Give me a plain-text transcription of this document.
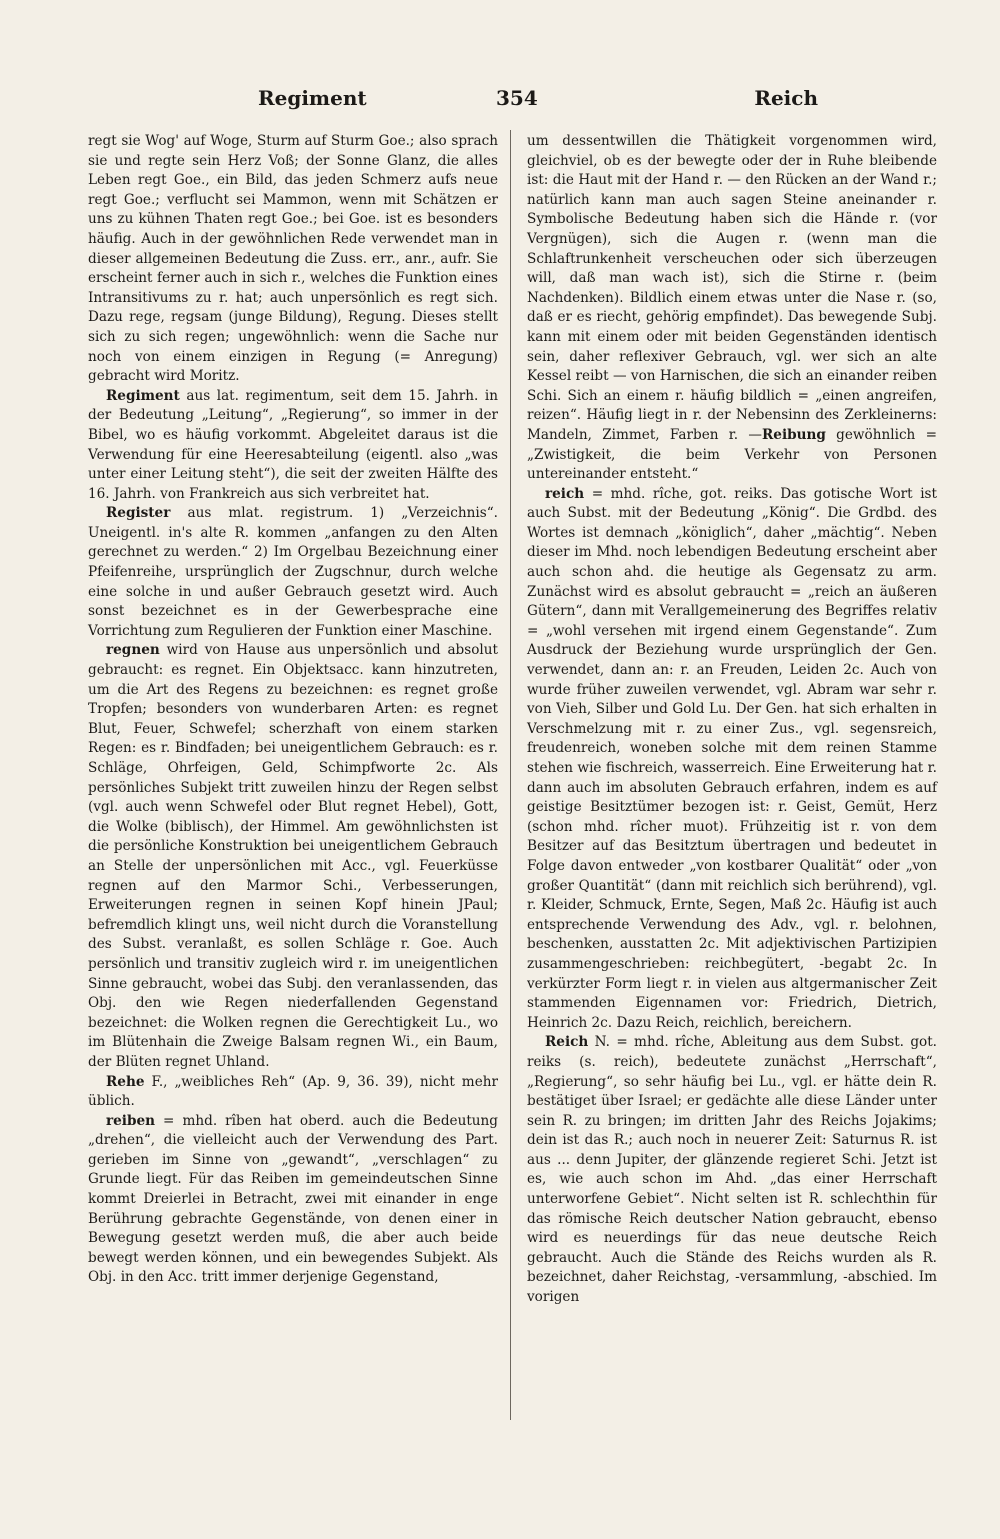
Regiment	354	Reich

regt sie Wog' auf Woge, Sturm auf Sturm Goe.; also sprach sie und regte sein Herz Voß; der Sonne Glanz, die alles Leben regt Goe., ein Bild, das jeden Schmerz aufs neue regt Goe.; verflucht sei Mammon, wenn mit Schätzen er uns zu kühnen Thaten regt Goe.; bei Goe. ist es besonders häufig. Auch in der gewöhnlichen Rede verwendet man in dieser allgemeinen Bedeutung die Zuss. err., anr., aufr. Sie erscheint ferner auch in sich r., welches die Funktion eines Intransitivums zu r. hat; auch unpersönlich es regt sich. Dazu rege, regsam (junge Bildung), Regung. Dieses stellt sich zu sich regen; ungewöhnlich: wenn die Sache nur noch von einem einzigen in Regung (= Anregung) gebracht wird Moritz.

Regiment aus lat. regimentum, seit dem 15. Jahrh. in der Bedeutung „Leitung“, „Regierung“, so immer in der Bibel, wo es häufig vorkommt. Abgeleitet daraus ist die Verwendung für eine Heeresabteilung (eigentl. also „was unter einer Leitung steht“), die seit der zweiten Hälfte des 16. Jahrh. von Frankreich aus sich verbreitet hat.

Register aus mlat. registrum. 1) „Verzeichnis“. Uneigentl. in's alte R. kommen „anfangen zu den Alten gerechnet zu werden.“ 2) Im Orgelbau Bezeichnung einer Pfeifenreihe, ursprünglich der Zugschnur, durch welche eine solche in und außer Gebrauch gesetzt wird. Auch sonst bezeichnet es in der Gewerbesprache eine Vorrichtung zum Regulieren der Funktion einer Maschine.

regnen wird von Hause aus unpersönlich und absolut gebraucht: es regnet. Ein Objektsacc. kann hinzutreten, um die Art des Regens zu bezeichnen: es regnet große Tropfen; besonders von wunderbaren Arten: es regnet Blut, Feuer, Schwefel; scherzhaft von einem starken Regen: es r. Bindfaden; bei uneigentlichem Gebrauch: es r. Schläge, Ohrfeigen, Geld, Schimpfworte 2c. Als persönliches Subjekt tritt zuweilen hinzu der Regen selbst (vgl. auch wenn Schwefel oder Blut regnet Hebel), Gott, die Wolke (biblisch), der Himmel. Am gewöhnlichsten ist die persönliche Konstruktion bei uneigentlichem Gebrauch an Stelle der unpersönlichen mit Acc., vgl. Feuerküsse regnen auf den Marmor Schi., Verbesserungen, Erweiterungen regnen in seinen Kopf hinein JPaul; befremdlich klingt uns, weil nicht durch die Voranstellung des Subst. veranlaßt, es sollen Schläge r. Goe. Auch persönlich und transitiv zugleich wird r. im uneigentlichen Sinne gebraucht, wobei das Subj. den veranlassenden, das Obj. den wie Regen niederfallenden Gegenstand bezeichnet: die Wolken regnen die Gerechtigkeit Lu., wo im Blütenhain die Zweige Balsam regnen Wi., ein Baum, der Blüten regnet Uhland.

Rehe F., „weibliches Reh“ (Ap. 9, 36. 39), nicht mehr üblich.

reiben = mhd. rîben hat oberd. auch die Bedeutung „drehen“, die vielleicht auch der Verwendung des Part. gerieben im Sinne von „gewandt“, „verschlagen“ zu Grunde liegt. Für das Reiben im gemeindeutschen Sinne kommt Dreierlei in Betracht, zwei mit einander in enge Berührung gebrachte Gegenstände, von denen einer in Bewegung gesetzt werden muß, die aber auch beide bewegt werden können, und ein bewegendes Subjekt. Als Obj. in den Acc. tritt immer derjenige Gegenstand,

um dessentwillen die Thätigkeit vorgenommen wird, gleichviel, ob es der bewegte oder der in Ruhe bleibende ist: die Haut mit der Hand r. — den Rücken an der Wand r.; natürlich kann man auch sagen Steine aneinander r. Symbolische Bedeutung haben sich die Hände r. (vor Vergnügen), sich die Augen r. (wenn man die Schlaftrunkenheit verscheuchen oder sich überzeugen will, daß man wach ist), sich die Stirne r. (beim Nachdenken). Bildlich einem etwas unter die Nase r. (so, daß er es riecht, gehörig empfindet). Das bewegende Subj. kann mit einem oder mit beiden Gegenständen identisch sein, daher reflexiver Gebrauch, vgl. wer sich an alte Kessel reibt — von Harnischen, die sich an einander reiben Schi. Sich an einem r. häufig bildlich = „einen angreifen, reizen“. Häufig liegt in r. der Nebensinn des Zerkleinerns: Mandeln, Zimmet, Farben r. —Reibung gewöhnlich = „Zwistigkeit, die beim Verkehr von Personen untereinander entsteht.“

reich = mhd. rîche, got. reiks. Das gotische Wort ist auch Subst. mit der Bedeutung „König“. Die Grdbd. des Wortes ist demnach „königlich“, daher „mächtig“. Neben dieser im Mhd. noch lebendigen Bedeutung erscheint aber auch schon ahd. die heutige als Gegensatz zu arm. Zunächst wird es absolut gebraucht = „reich an äußeren Gütern“, dann mit Verallgemeinerung des Begriffes relativ = „wohl versehen mit irgend einem Gegenstande“. Zum Ausdruck der Beziehung wurde ursprünglich der Gen. verwendet, dann an: r. an Freuden, Leiden 2c. Auch von wurde früher zuweilen verwendet, vgl. Abram war sehr r. von Vieh, Silber und Gold Lu. Der Gen. hat sich erhalten in Verschmelzung mit r. zu einer Zus., vgl. segensreich, freudenreich, woneben solche mit dem reinen Stamme stehen wie fischreich, wasserreich. Eine Erweiterung hat r. dann auch im absoluten Gebrauch erfahren, indem es auf geistige Besitztümer bezogen ist: r. Geist, Gemüt, Herz (schon mhd. rîcher muot). Frühzeitig ist r. von dem Besitzer auf das Besitztum übertragen und bedeutet in Folge davon entweder „von kostbarer Qualität“ oder „von großer Quantität“ (dann mit reichlich sich berührend), vgl. r. Kleider, Schmuck, Ernte, Segen, Maß 2c. Häufig ist auch entsprechende Verwendung des Adv., vgl. r. belohnen, beschenken, ausstatten 2c. Mit adjektivischen Partizipien zusammengeschrieben: reichbegütert, -begabt 2c. In verkürzter Form liegt r. in vielen aus altgermanischer Zeit stammenden Eigennamen vor: Friedrich, Dietrich, Heinrich 2c. Dazu Reich, reichlich, bereichern.

Reich N. = mhd. rîche, Ableitung aus dem Subst. got. reiks (s. reich), bedeutete zunächst „Herrschaft“, „Regierung“, so sehr häufig bei Lu., vgl. er hätte dein R. bestätiget über Israel; er gedächte alle diese Länder unter sein R. zu bringen; im dritten Jahr des Reichs Jojakims; dein ist das R.; auch noch in neuerer Zeit: Saturnus R. ist aus ... denn Jupiter, der glänzende regieret Schi. Jetzt ist es, wie auch schon im Ahd. „das einer Herrschaft unterworfene Gebiet“. Nicht selten ist R. schlechthin für das römische Reich deutscher Nation gebraucht, ebenso wird es neuerdings für das neue deutsche Reich gebraucht. Auch die Stände des Reichs wurden als R. bezeichnet, daher Reichstag, -versammlung, -abschied. Im vorigen
